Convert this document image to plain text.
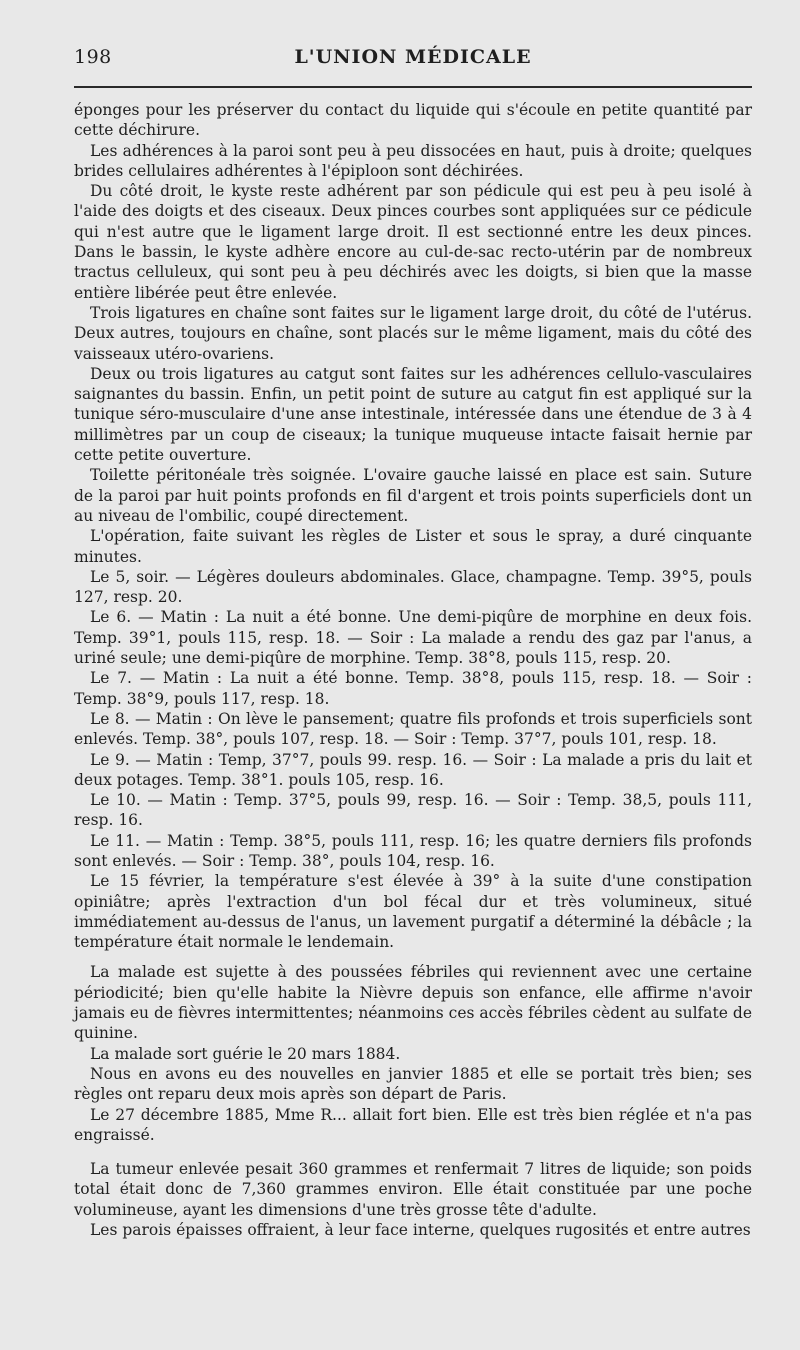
198	L'UNION MÉDICALE

éponges pour les préserver du contact du liquide qui s'écoule en petite quantité par cette déchirure.

Les adhérences à la paroi sont peu à peu dissocées en haut, puis à droite; quelques brides cellulaires adhérentes à l'épiploon sont déchirées.

Du côté droit, le kyste reste adhérent par son pédicule qui est peu à peu isolé à l'aide des doigts et des ciseaux. Deux pinces courbes sont appliquées sur ce pédicule qui n'est autre que le ligament large droit. Il est sectionné entre les deux pinces. Dans le bassin, le kyste adhère encore au cul-de-sac recto-utérin par de nombreux tractus celluleux, qui sont peu à peu déchirés avec les doigts, si bien que la masse entière libérée peut être enlevée.

Trois ligatures en chaîne sont faites sur le ligament large droit, du côté de l'utérus. Deux autres, toujours en chaîne, sont placés sur le même ligament, mais du côté des vaisseaux utéro-ovariens.

Deux ou trois ligatures au catgut sont faites sur les adhérences cellulo-vasculaires saignantes du bassin. Enfin, un petit point de suture au catgut fin est appliqué sur la tunique séro-musculaire d'une anse intestinale, intéressée dans une étendue de 3 à 4 millimètres par un coup de ciseaux; la tunique muqueuse intacte faisait hernie par cette petite ouverture.

Toilette péritonéale très soignée. L'ovaire gauche laissé en place est sain. Suture de la paroi par huit points profonds en fil d'argent et trois points superficiels dont un au niveau de l'ombilic, coupé directement.

L'opération, faite suivant les règles de Lister et sous le spray, a duré cinquante minutes.

Le 5, soir. — Légères douleurs abdominales. Glace, champagne. Temp. 39°5, pouls 127, resp. 20.

Le 6. — Matin : La nuit a été bonne. Une demi-piqûre de morphine en deux fois. Temp. 39°1, pouls 115, resp. 18. — Soir : La malade a rendu des gaz par l'anus, a uriné seule; une demi-piqûre de morphine. Temp. 38°8, pouls 115, resp. 20.

Le 7. — Matin : La nuit a été bonne. Temp. 38°8, pouls 115, resp. 18. — Soir : Temp. 38°9, pouls 117, resp. 18.

Le 8. — Matin : On lève le pansement; quatre fils profonds et trois superficiels sont enlevés. Temp. 38°, pouls 107, resp. 18. — Soir : Temp. 37°7, pouls 101, resp. 18.

Le 9. — Matin : Temp, 37°7, pouls 99. resp. 16. — Soir : La malade a pris du lait et deux potages. Temp. 38°1. pouls 105, resp. 16.

Le 10. — Matin : Temp. 37°5, pouls 99, resp. 16. — Soir : Temp. 38,5, pouls 111, resp. 16.

Le 11. — Matin : Temp. 38°5, pouls 111, resp. 16; les quatre derniers fils profonds sont enlevés. — Soir : Temp. 38°, pouls 104, resp. 16.

Le 15 février, la température s'est élevée à 39° à la suite d'une constipation opiniâtre; après l'extraction d'un bol fécal dur et très volumineux, situé immédiatement au-dessus de l'anus, un lavement purgatif a déterminé la débâcle ; la température était normale le lendemain.

La malade est sujette à des poussées fébriles qui reviennent avec une certaine périodicité; bien qu'elle habite la Nièvre depuis son enfance, elle affirme n'avoir jamais eu de fièvres intermittentes; néanmoins ces accès fébriles cèdent au sulfate de quinine.

La malade sort guérie le 20 mars 1884.

Nous en avons eu des nouvelles en janvier 1885 et elle se portait très bien; ses règles ont reparu deux mois après son départ de Paris.

Le 27 décembre 1885, Mme R... allait fort bien. Elle est très bien réglée et n'a pas engraissé.

La tumeur enlevée pesait 360 grammes et renfermait 7 litres de liquide; son poids total était donc de 7,360 grammes environ. Elle était constituée par une poche volumineuse, ayant les dimensions d'une très grosse tête d'adulte.

Les parois épaisses offraient, à leur face interne, quelques rugosités et entre autres
